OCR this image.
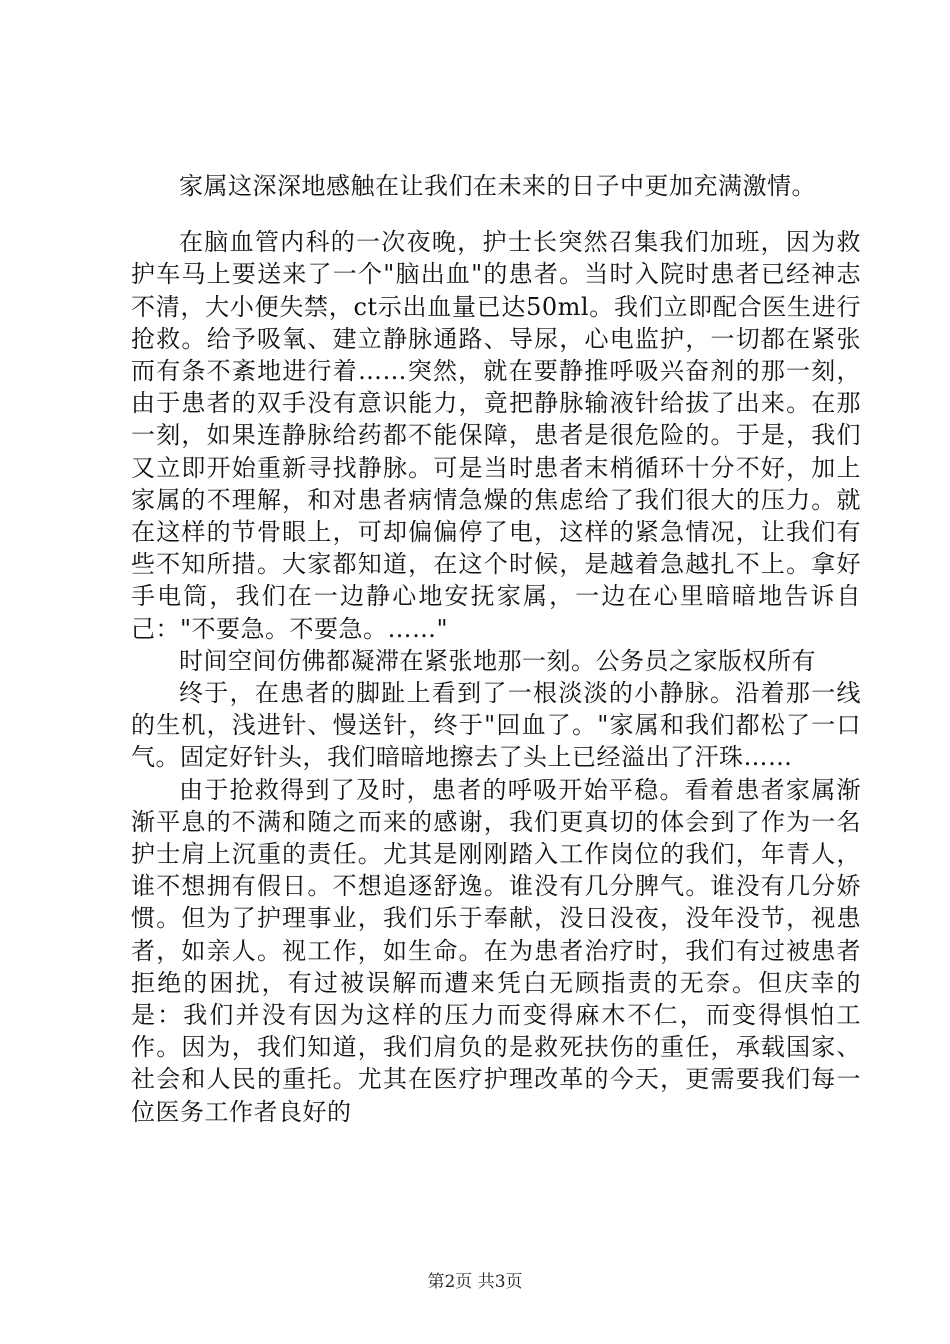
家属这深深地感触在让我们在未来的日子中更加充满激情。

在脑血管内科的一次夜晚，护士长突然召集我们加班，因为救护车马上要送来了一个"脑出血"的患者。当时入院时患者已经神志不清，大小便失禁，ct示出血量已达50ml。我们立即配合医生进行抢救。给予吸氧、建立静脉通路、导尿，心电监护，一切都在紧张而有条不紊地进行着……突然，就在要静推呼吸兴奋剂的那一刻，由于患者的双手没有意识能力，竟把静脉输液针给拔了出来。在那一刻，如果连静脉给药都不能保障，患者是很危险的。于是，我们又立即开始重新寻找静脉。可是当时患者末梢循环十分不好，加上家属的不理解，和对患者病情急燥的焦虑给了我们很大的压力。就在这样的节骨眼上，可却偏偏停了电，这样的紧急情况，让我们有些不知所措。大家都知道，在这个时候，是越着急越扎不上。拿好手电筒，我们在一边静心地安抚家属，一边在心里暗暗地告诉自己："不要急。不要急。……"

时间空间仿佛都凝滞在紧张地那一刻。公务员之家版权所有

终于，在患者的脚趾上看到了一根淡淡的小静脉。沿着那一线的生机，浅进针、慢送针，终于"回血了。"家属和我们都松了一口气。固定好针头，我们暗暗地擦去了头上已经溢出了汗珠……

由于抢救得到了及时，患者的呼吸开始平稳。看着患者家属渐渐平息的不满和随之而来的感谢，我们更真切的体会到了作为一名护士肩上沉重的责任。尤其是刚刚踏入工作岗位的我们，年青人，谁不想拥有假日。不想追逐舒逸。谁没有几分脾气。谁没有几分娇惯。但为了护理事业，我们乐于奉献，没日没夜，没年没节，视患者，如亲人。视工作，如生命。在为患者治疗时，我们有过被患者拒绝的困扰，有过被误解而遭来凭白无顾指责的无奈。但庆幸的是：我们并没有因为这样的压力而变得麻木不仁，而变得惧怕工作。因为，我们知道，我们肩负的是救死扶伤的重任，承载国家、社会和人民的重托。尤其在医疗护理改革的今天，更需要我们每一位医务工作者良好的

第2页 共3页
